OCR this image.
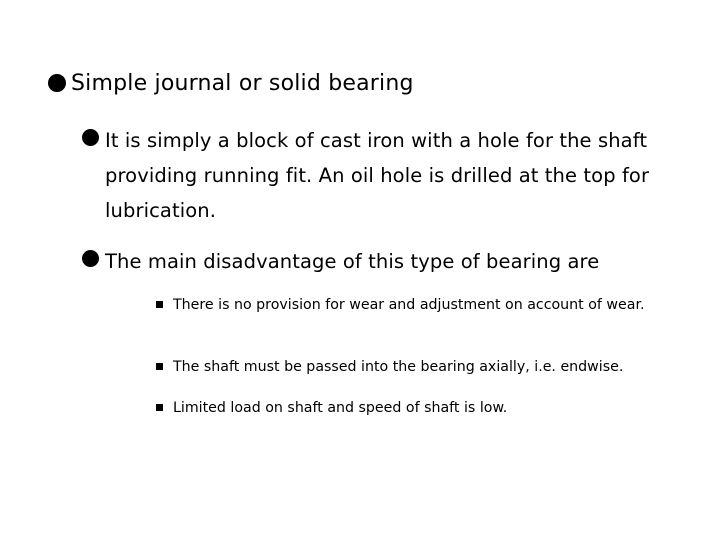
Simple journal or solid bearing
It is simply a block of cast iron with a hole for the shaft providing running fit. An oil hole is drilled at the top for lubrication.
The main disadvantage of this type of bearing are
There is no provision for wear and adjustment on account of wear.
The shaft must be passed into the bearing axially, i.e. endwise.
Limited load on shaft and speed of shaft is low.
